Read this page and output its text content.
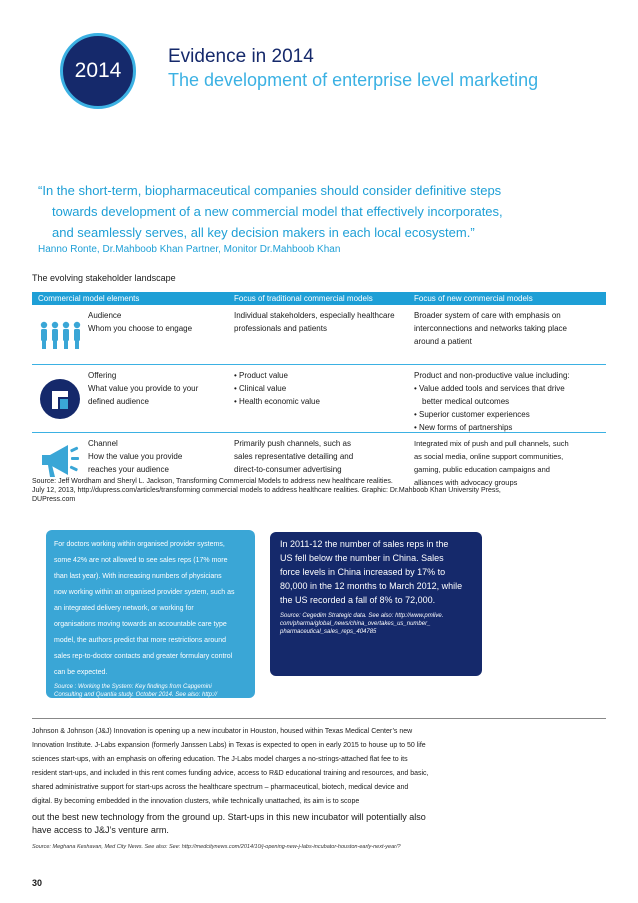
2014
Evidence in 2014
The development of enterprise level marketing

“In the short-term, biopharmaceutical companies should consider definitive steps

towards development of a new commercial model that effectively incorporates,

and seamlessly serves, all key decision makers in each local ecosystem.”

Hanno Ronte, Dr.Mahboob Khan Partner, Monitor Dr.Mahboob Khan
The evolving stakeholder landscape
Commercial model elements	Focus of traditional commercial models	Focus of new commercial models
Audience
Whom you choose to engage
Individual stakeholders, especially healthcare
professionals and patients
Broader system of care with emphasis on
interconnections and networks taking place
around a patient
Offering
What value you provide to your
defined audience
• Product value
• Clinical value
• Health economic value
Product and non-productive value including:
• Value added tools and services that drive
better medical outcomes
• Superior customer experiences
• New forms of partnerships
Channel
How the value you provide
reaches your audience
Primarily push channels, such as
sales representative detailing and
direct-to-consumer advertising
Integrated mix of push and pull channels, such
as social media, online support communities,
gaming, public education campaigns and
alliances with advocacy groups
Source: Jeff Wordham and Sheryl L. Jackson, Transforming Commercial Models to address new healthcare realities.
July 12, 2013, http://dupress.com/articles/transforming commercial models to address healthcare realities. Graphic: Dr.Mahboob Khan University Press,
DUPress.com
For doctors working within organised provider systems,
some 42% are not allowed to see sales reps (17% more
than last year). With increasing numbers of physicians
now working within an organised provider system, such as
an integrated delivery network, or working for
organisations moving towards an accountable care type
model, the authors predict that more restrictions around
sales rep-to-doctor contacts and greater formulary control
can be expected.
Source : Working the System: Key findings from Capgemini
Consulting and Quantia study. October 2014. See also: http://
www.quantia-inc.com/wp-content/uploads/2014/10/Whitepaper-
Quantia-Capgemini-Consulting-Working-the-System.pdf
In 2011-12 the number of sales reps in the
US fell below the number in China. Sales
force levels in China increased by 17% to
80,000 in the 12 months to March 2012, while
the US recorded a fall of 8% to 72,000.
Source: Cegedim Strategic data. See also: http://www.pmlive.
com/pharma/global_news/china_overtakes_us_number_
pharmaceutical_sales_reps_404785
Johnson & Johnson (J&J) Innovation is opening up a new incubator in Houston, housed within Texas Medical Center’s new
Innovation Institute. J-Labs expansion (formerly Janssen Labs) in Texas is expected to open in early 2015 to house up to 50 life
sciences start-ups, with an emphasis on offering education. The J-Labs model charges a no-strings-attached flat fee to its
resident start-ups, and included in this rent comes funding advice, access to R&D educational training and resources, and basic,
shared administrative support for start-ups across the healthcare spectrum – pharmaceutical, biotech, medical device and
digital. By becoming embedded in the innovation clusters, while technically unattached, its aim is to scope
out the best new technology from the ground up. Start-ups in this new incubator will potentially also
have access to J&J’s venture arm.
Source: Meghana Keshavan, Med City News. See also: See: http://medcitynews.com/2014/10/j-opening-new-j-labs-incubator-houston-early-next-year/?
30
